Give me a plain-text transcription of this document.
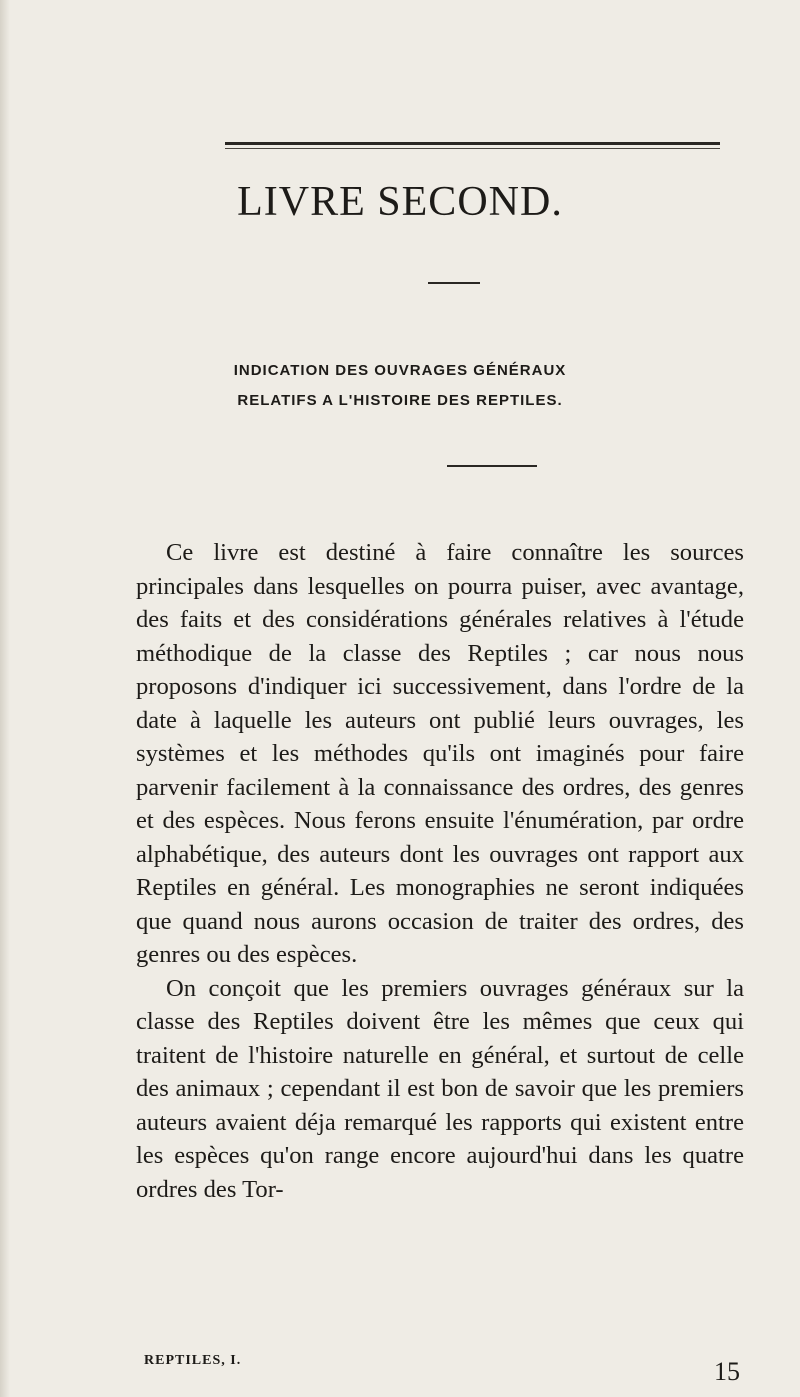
LIVRE SECOND.
INDICATION DES OUVRAGES GÉNÉRAUX
RELATIFS A L'HISTOIRE DES REPTILES.

Ce livre est destiné à faire connaître les sources principales dans lesquelles on pourra puiser, avec avantage, des faits et des considérations générales relatives à l'étude méthodique de la classe des Reptiles ; car nous nous proposons d'indiquer ici successivement, dans l'ordre de la date à laquelle les auteurs ont publié leurs ouvrages, les systèmes et les méthodes qu'ils ont imaginés pour faire parvenir facilement à la connaissance des ordres, des genres et des espèces. Nous ferons ensuite l'énumération, par ordre alphabétique, des auteurs dont les ouvrages ont rapport aux Reptiles en général. Les monographies ne seront indiquées que quand nous aurons occasion de traiter des ordres, des genres ou des espèces.

On conçoit que les premiers ouvrages généraux sur la classe des Reptiles doivent être les mêmes que ceux qui traitent de l'histoire naturelle en général, et surtout de celle des animaux ; cependant il est bon de savoir que les premiers auteurs avaient déja remarqué les rapports qui existent entre les espèces qu'on range encore aujourd'hui dans les quatre ordres des Tor-

REPTILES, I.	15
